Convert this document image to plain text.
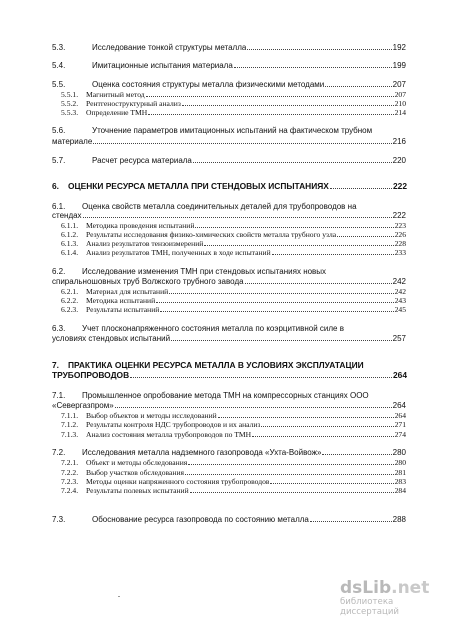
5.3.	Исследование тонкой структуры металла	192
5.4.	Имитационные испытания материала	199
5.5.	Оценка состояния структуры металла физическими методами	207
5.5.1.	Магнитный метод	207
5.5.2.	Рентгеноструктурный анализ	210
5.5.3.	Определение ТМН	214
5.6.	Уточнение параметров имитационных испытаний на фактическом трубном
материале	216
5.7.	Расчет ресурса материала	220
6.	ОЦЕНКИ РЕСУРСА МЕТАЛЛА ПРИ СТЕНДОВЫХ ИСПЫТАНИЯХ	222
6.1.	Оценка свойств металла соединительных деталей для трубопроводов на
стендах	222
6.1.1.	Методика проведения испытаний	223
6.1.2.	Результаты исследования физико-химических свойств металла трубного узла	226
6.1.3.	Анализ результатов тензоизмерений	228
6.1.4.	Анализ результатов ТМН, полученных в ходе испытаний	233
6.2.	Исследование изменения ТМН при стендовых испытаниях новых
спиральношовных труб Волжского трубного завода	242
6.2.1.	Материал для испытаний	242
6.2.2.	Методика испытаний	243
6.2.3.	Результаты испытаний	245
6.3.	Учет плосконапряженного состояния металла по коэрцитивной силе в
условиях стендовых испытаний	257
7.	ПРАКТИКА ОЦЕНКИ РЕСУРСА МЕТАЛЛА В УСЛОВИЯХ ЭКСПЛУАТАЦИИ
ТРУБОПРОВОДОВ	264
7.1.	Промышленное опробование метода ТМН на компрессорных станциях ООО
«Севергазпром»	264
7.1.1.	Выбор объектов и методы исследований	264
7.1.2.	Результаты контроля НДС трубопроводов и их анализ	271
7.1.3.	Анализ состояния металла трубопроводов по ТМН	274
7.2.	Исследования металла надземного газопровода «Ухта-Войвож»	280
7.2.1.	Объект и методы обследования	280
7.2.2.	Выбор участков обследования	281
7.2.3.	Методы оценки напряженного состояния трубопроводов	283
7.2.4.	Результаты полевых испытаний	284
7.3.	Обоснование ресурса газопровода по состоянию металла	288
dsLib.net
библиотека диссертаций
